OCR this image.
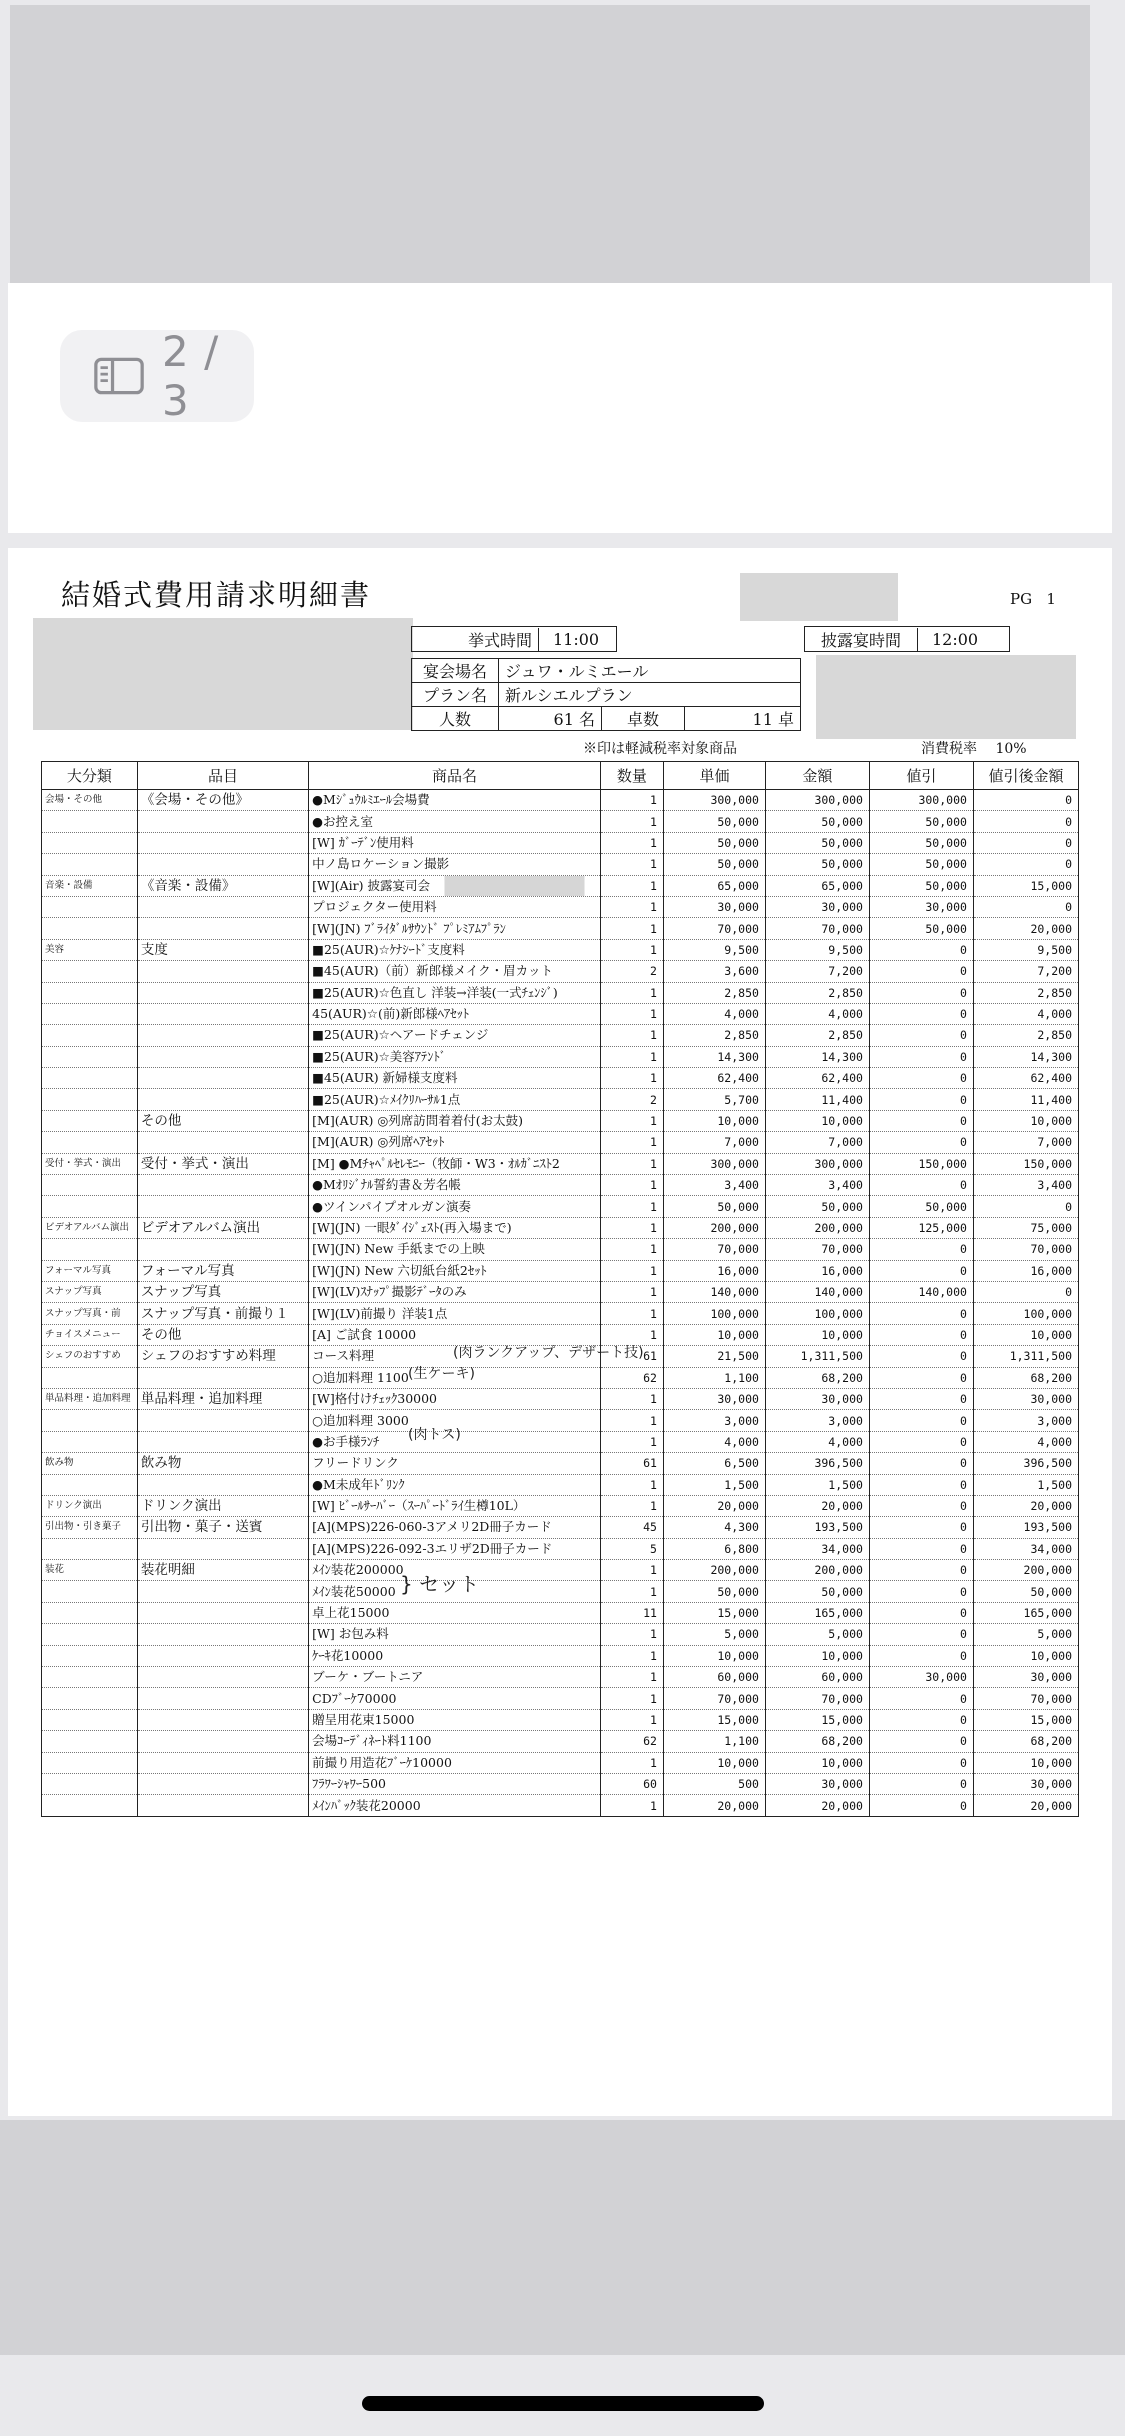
2 / 3
結婚式費用請求明細書	PG 1
挙式時間	11:00	披露宴時間	12:00
宴会場名	ジュワ・ルミエール		
プラン名	新ルシエルプラン		
人数	61 名	卓数	11 卓
※印は軽減税率対象商品	消費税率 10%
大分類	品目	商品名	数量	単価	金額	値引	値引後金額
会場・その他	《会場・その他》	●Mｼﾞｭｳﾙﾐｴｰﾙ会場費	1	300,000	300,000	300,000	0
		●お控え室	1	50,000	50,000	50,000	0
		[W] ｶﾞｰﾃﾞﾝ使用料	1	50,000	50,000	50,000	0
		中ノ島ロケーション撮影	1	50,000	50,000	50,000	0
音楽・設備	《音楽・設備》	[W](Air) 披露宴司会	1	65,000	65,000	50,000	15,000
		プロジェクター使用料	1	30,000	30,000	30,000	0
		[W](JN) ﾌﾞﾗｲﾀﾞﾙｻｳﾝﾄﾞ ﾌﾟﾚﾐｱﾑﾌﾟﾗﾝ	1	70,000	70,000	50,000	20,000
美容	支度	■25(AUR)☆ｹﾅｼｰﾄﾞ支度料	1	9,500	9,500	0	9,500
		■45(AUR)（前）新郎様メイク・眉カット	2	3,600	7,200	0	7,200
		■25(AUR)☆色直し 洋装→洋装(一式ﾁｪﾝｼﾞ)	1	2,850	2,850	0	2,850
		45(AUR)☆(前)新郎様ﾍｱｾｯﾄ	1	4,000	4,000	0	4,000
		■25(AUR)☆ヘアードチェンジ	1	2,850	2,850	0	2,850
		■25(AUR)☆美容ｱﾃﾝﾄﾞ	1	14,300	14,300	0	14,300
		■45(AUR) 新婦様支度料	1	62,400	62,400	0	62,400
		■25(AUR)☆ﾒｲｸﾘﾊｰｻﾙ1点	2	5,700	11,400	0	11,400
	その他	[M](AUR) ◎列席訪問着着付(お太鼓)	1	10,000	10,000	0	10,000
		[M](AUR) ◎列席ﾍｱｾｯﾄ	1	7,000	7,000	0	7,000
受付・挙式・演出	受付・挙式・演出	[M] ●Mﾁｬﾍﾟﾙｾﾚﾓﾆｰ（牧師・W3・ｵﾙｶﾞﾆｽﾄ2	1	300,000	300,000	150,000	150,000
		●Mｵﾘｼﾞﾅﾙ誓約書＆芳名帳	1	3,400	3,400	0	3,400
		●ツインパイプオルガン演奏	1	50,000	50,000	50,000	0
ビデオアルバム演出	ビデオアルバム演出	[W](JN) 一眼ﾀﾞｲｼﾞｪｽﾄ(再入場まで)	1	200,000	200,000	125,000	75,000
		[W](JN) New 手紙までの上映	1	70,000	70,000	0	70,000
フォーマル写真	フォーマル写真	[W](JN) New 六切紙台紙2ｾｯﾄ	1	16,000	16,000	0	16,000
スナップ写真	スナップ写真	[W](LV)ｽﾅｯﾌﾟ撮影ﾃﾞｰﾀのみ	1	140,000	140,000	140,000	0
スナップ写真・前	スナップ写真・前撮り１	[W](LV)前撮り 洋装1点	1	100,000	100,000	0	100,000
チョイスメニュー	その他	[A] ご試食 10000	1	10,000	10,000	0	10,000
シェフのおすすめ	シェフのおすすめ料理	コース料理	61	21,500	1,311,500	0	1,311,500
		○追加料理 1100	62	1,100	68,200	0	68,200
単品料理・追加料理	単品料理・追加料理	[W]格付けﾁｪｯｸ30000	1	30,000	30,000	0	30,000
		○追加料理 3000	1	3,000	3,000	0	3,000
		●お手様ﾗﾝﾁ	1	4,000	4,000	0	4,000
飲み物	飲み物	フリードリンク	61	6,500	396,500	0	396,500
		●M未成年ﾄﾞﾘﾝｸ	1	1,500	1,500	0	1,500
ドリンク演出	ドリンク演出	[W] ﾋﾞｰﾙｻｰﾊﾞｰ（ｽｰﾊﾟｰﾄﾞﾗｲ生樽10L）	1	20,000	20,000	0	20,000
引出物・引き菓子	引出物・菓子・送賓	[A](MPS)226-060-3アメリ2D冊子カード	45	4,300	193,500	0	193,500
		[A](MPS)226-092-3エリザ2D冊子カード	5	6,800	34,000	0	34,000
装花	装花明細	ﾒｲﾝ装花200000	1	200,000	200,000	0	200,000
		ﾒｲﾝ装花50000	1	50,000	50,000	0	50,000
		卓上花15000	11	15,000	165,000	0	165,000
		[W] お包み料	1	5,000	5,000	0	5,000
		ｹｰｷ花10000	1	10,000	10,000	0	10,000
		ブーケ・ブートニア	1	60,000	60,000	30,000	30,000
		CDﾌﾞｰｹ70000	1	70,000	70,000	0	70,000
		贈呈用花束15000	1	15,000	15,000	0	15,000
		会場ｺｰﾃﾞｨﾈｰﾄ料1100	62	1,100	68,200	0	68,200
		前撮り用造花ﾌﾞｰｹ10000	1	10,000	10,000	0	10,000
		ﾌﾗﾜｰｼｬﾜｰ500	60	500	30,000	0	30,000
		ﾒｲﾝﾊﾞｯｸ装花20000	1	20,000	20,000	0	20,000
(肉ランクアップ、デザート技)
(生ケーキ)
(肉トス)
} セット
